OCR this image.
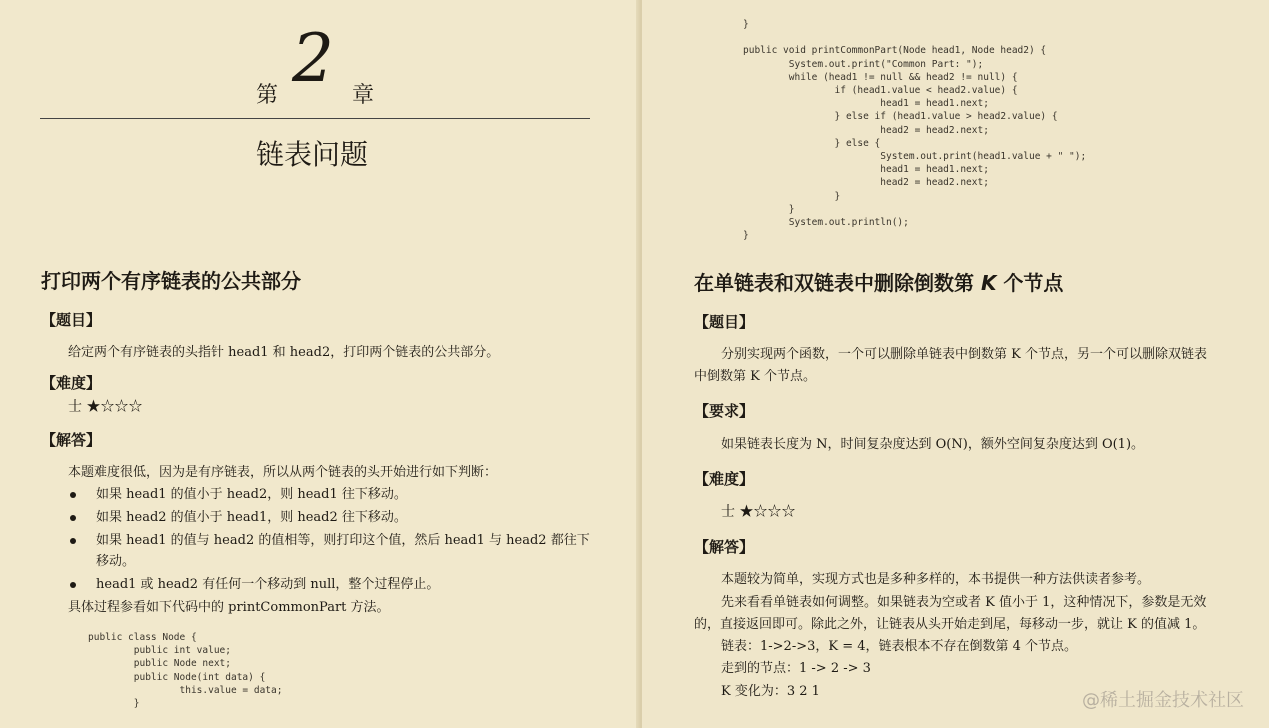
第 2 章
链表问题
打印两个有序链表的公共部分
【题目】
给定两个有序链表的头指针 head1 和 head2，打印两个链表的公共部分。
【难度】
士 ★☆☆☆
【解答】
本题难度很低，因为是有序链表，所以从两个链表的头开始进行如下判断：
如果 head1 的值小于 head2，则 head1 往下移动。
如果 head2 的值小于 head1，则 head2 往下移动。
如果 head1 的值与 head2 的值相等，则打印这个值，然后 head1 与 head2 都往下
移动。
head1 或 head2 有任何一个移动到 null，整个过程停止。
具体过程参看如下代码中的 printCommonPart 方法。
public class Node {
public int value;
public Node next;
public Node(int data) {
this.value = data;
}
}

public void printCommonPart(Node head1, Node head2) {
System.out.print("Common Part: ");
while (head1 != null && head2 != null) {
if (head1.value < head2.value) {
head1 = head1.next;
} else if (head1.value > head2.value) {
head2 = head2.next;
} else {
System.out.print(head1.value + " ");
head1 = head1.next;
head2 = head2.next;
}
}
System.out.println();
}
在单链表和双链表中删除倒数第 K 个节点
【题目】
分别实现两个函数，一个可以删除单链表中倒数第 K 个节点，另一个可以删除双链表
中倒数第 K 个节点。
【要求】
如果链表长度为 N，时间复杂度达到 O(N)，额外空间复杂度达到 O(1)。
【难度】
士 ★☆☆☆
【解答】
本题较为简单，实现方式也是多种多样的，本书提供一种方法供读者参考。
先来看看单链表如何调整。如果链表为空或者 K 值小于 1，这种情况下，参数是无效
的，直接返回即可。除此之外，让链表从头开始走到尾，每移动一步，就让 K 的值减 1。
链表：1->2->3，K = 4，链表根本不存在倒数第 4 个节点。
走到的节点：1 -> 2 -> 3
K 变化为：3 2 1	@稀土掘金技术社区
